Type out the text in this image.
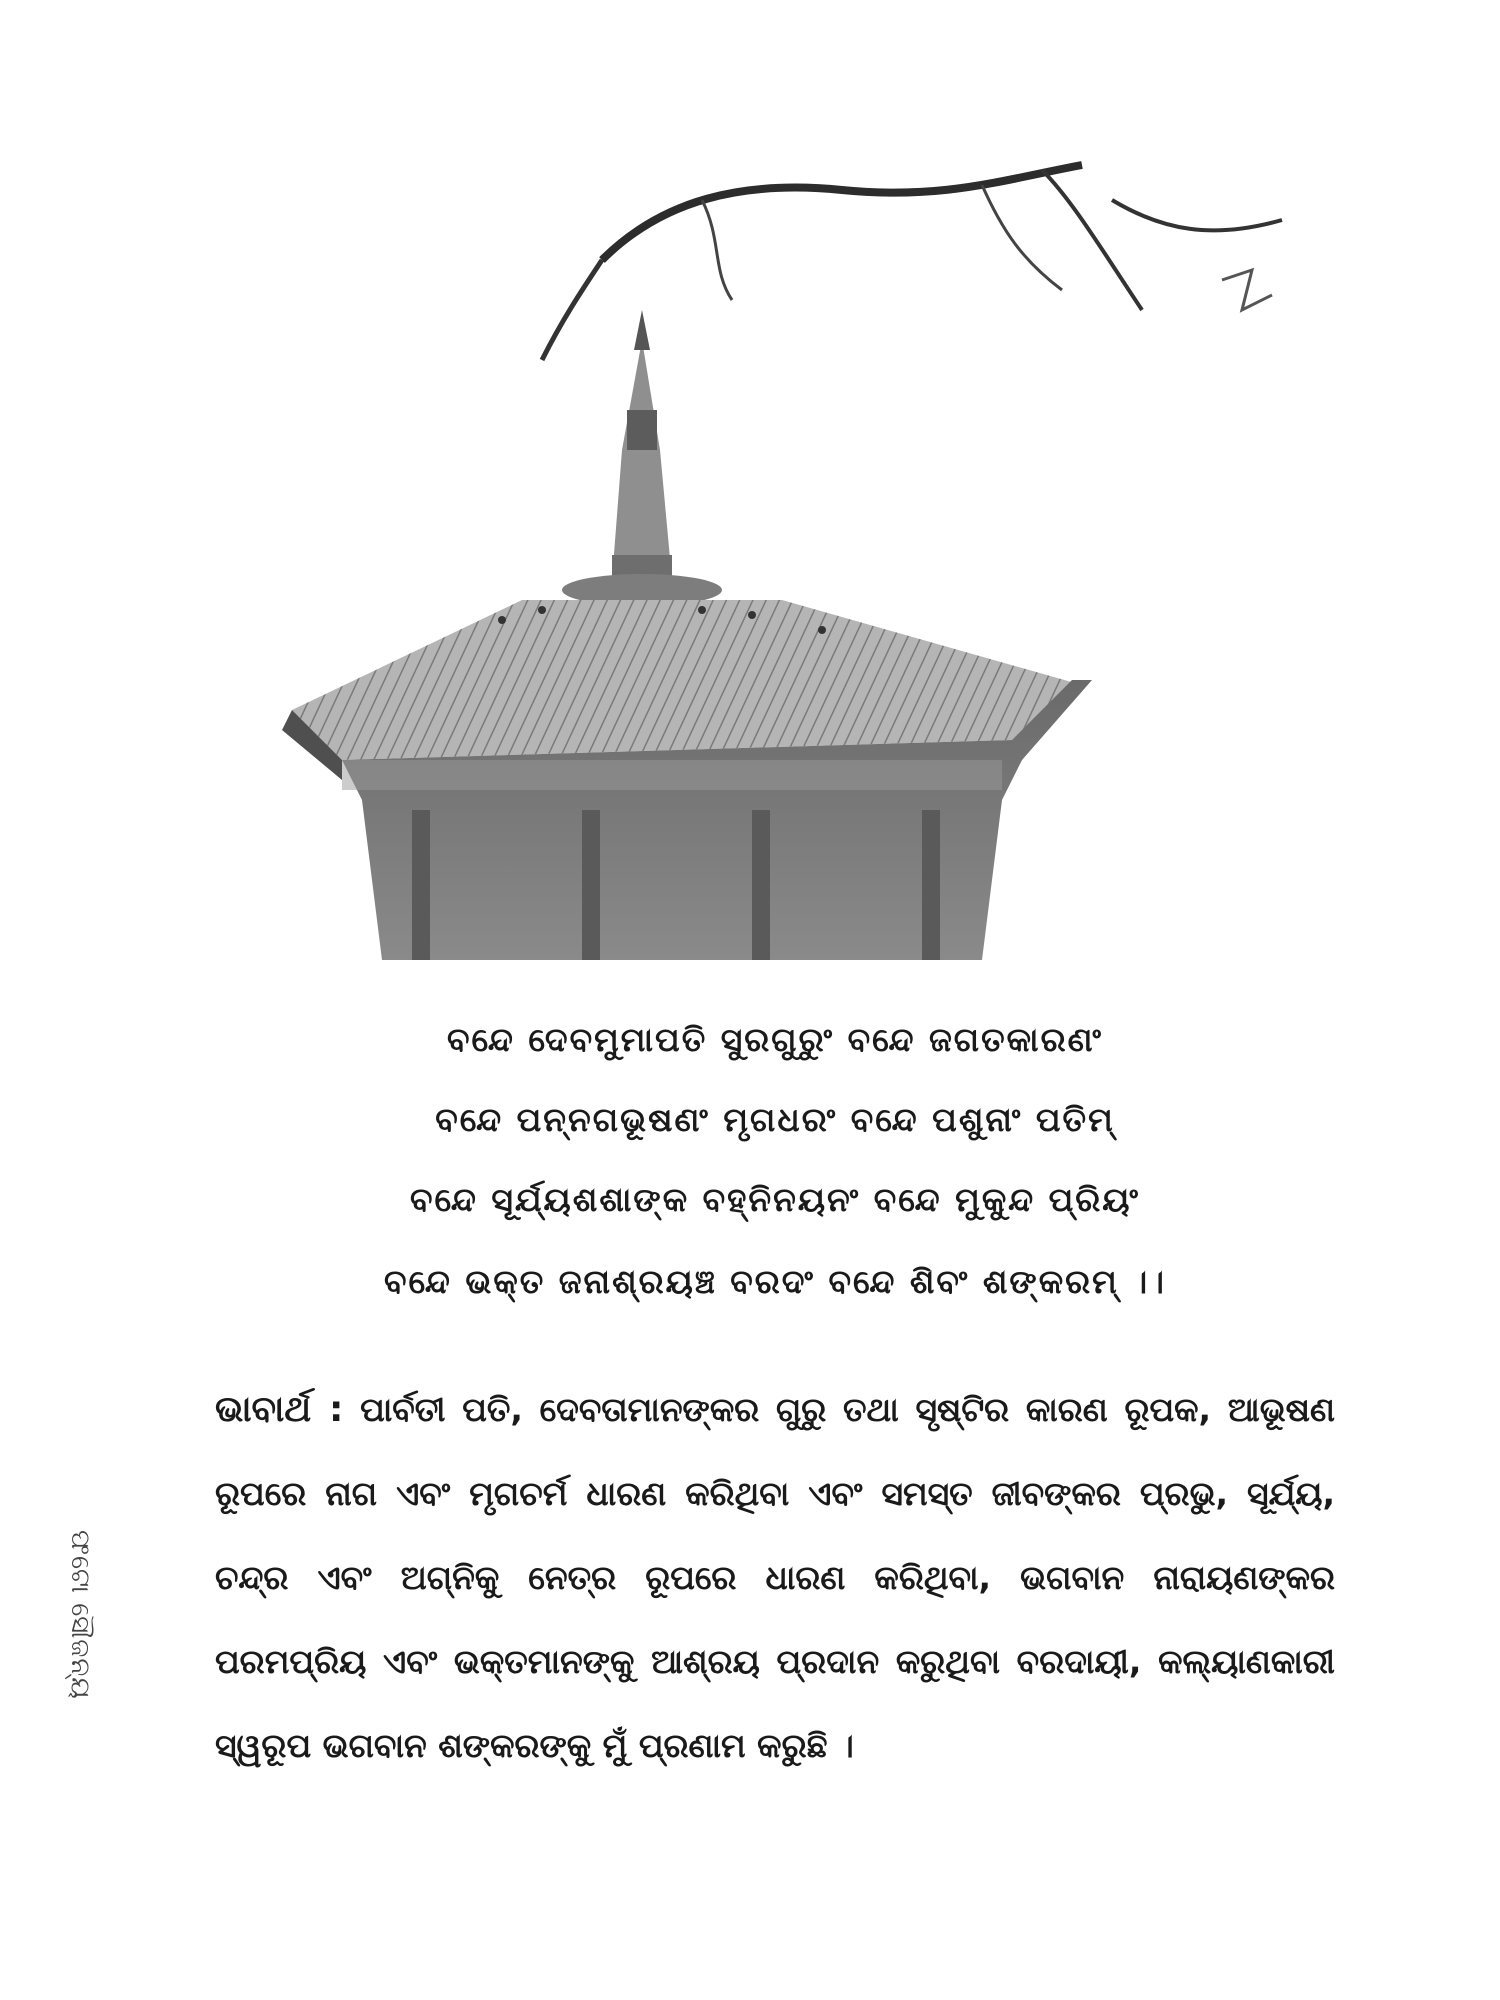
ବନ୍ଦେ ଦେବମୁମାପତି ସୁରଗୁରୁଂ ବନ୍ଦେ ଜଗତକାରଣଂ
ବନ୍ଦେ ପନ୍ନଗଭୂଷଣଂ ମୃଗଧରଂ ବନ୍ଦେ ପଶୁନାଂ ପତିମ୍
ବନ୍ଦେ ସୂର୍ଯ୍ୟଶଶାଙ୍କ ବହ୍ନିନୟନଂ ବନ୍ଦେ ମୁକୁନ୍ଦ ପ୍ରିୟଂ
ବନ୍ଦେ ଭକ୍ତ ଜନାଶ୍ରୟଞ୍ଚ ବରଦଂ ବନ୍ଦେ ଶିବଂ ଶଙ୍କରମ୍ ।।
ଭାବାର୍ଥ : ପାର୍ବତୀ ପତି, ଦେବତାମାନଙ୍କର ଗୁରୁ ତଥା ସୃଷ୍ଟିର କାରଣ ରୂପକ, ଆଭୂଷଣ ରୂପରେ ନାଗ ଏବଂ ମୃଗଚର୍ମ ଧାରଣ କରିଥିବା ଏବଂ ସମସ୍ତ ଜୀବଙ୍କର ପ୍ରଭୁ, ସୂର୍ଯ୍ୟ, ଚନ୍ଦ୍ର ଏବଂ ଅଗ୍ନିକୁ ନେତ୍ର ରୂପରେ ଧାରଣ କରିଥିବା, ଭଗବାନ ନାରାୟଣଙ୍କର ପରମପ୍ରିୟ ଏବଂ ଭକ୍ତମାନଙ୍କୁ ଆଶ୍ରୟ ପ୍ରଦାନ କରୁଥିବା ବରଦାୟୀ, କଲ୍ୟାଣକାରୀ ସ୍ୱରୂପ ଭଗବାନ ଶଙ୍କରଙ୍କୁ ମୁଁ ପ୍ରଣାମ କରୁଛି ।
ଫଟୋ ସୌଜନ୍ୟ
